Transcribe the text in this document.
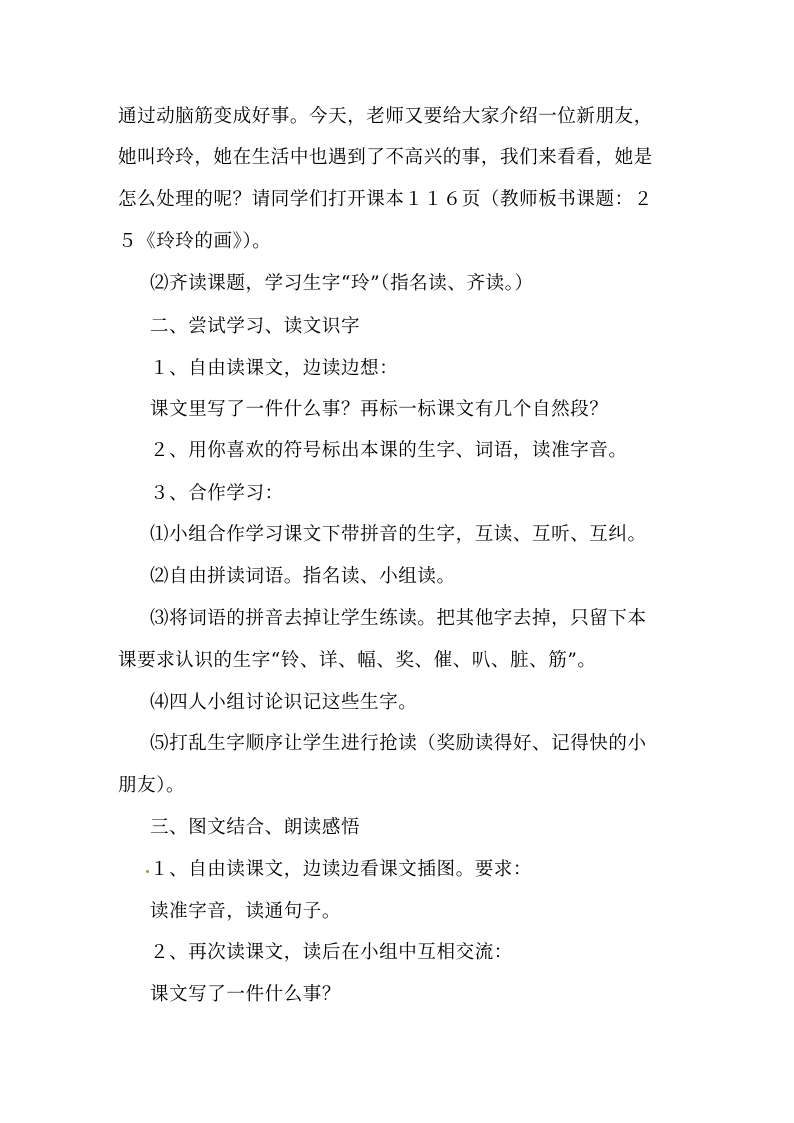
通过动脑筋变成好事。今天，老师又要给大家介绍一位新朋友，
她叫玲玲，她在生活中也遇到了不高兴的事，我们来看看，她是
怎么处理的呢？请同学们打开课本１１６页（教师板书课题：２
５《玲玲的画》）。
⑵齐读课题，学习生字“玲”（指名读、齐读。）
二、尝试学习、读文识字
１、自由读课文，边读边想：
课文里写了一件什么事？再标一标课文有几个自然段？
２、用你喜欢的符号标出本课的生字、词语，读准字音。
３、合作学习：
⑴小组合作学习课文下带拼音的生字，互读、互听、互纠。
⑵自由拼读词语。指名读、小组读。
⑶将词语的拼音去掉让学生练读。把其他字去掉，只留下本
课要求认识的生字“铃、详、幅、奖、催、叭、脏、筋”。
⑷四人小组讨论识记这些生字。
⑸打乱生字顺序让学生进行抢读（奖励读得好、记得快的小
朋友）。
三、图文结合、朗读感悟
１、自由读课文，边读边看课文插图。要求：
读准字音，读通句子。
２、再次读课文，读后在小组中互相交流：
课文写了一件什么事？
